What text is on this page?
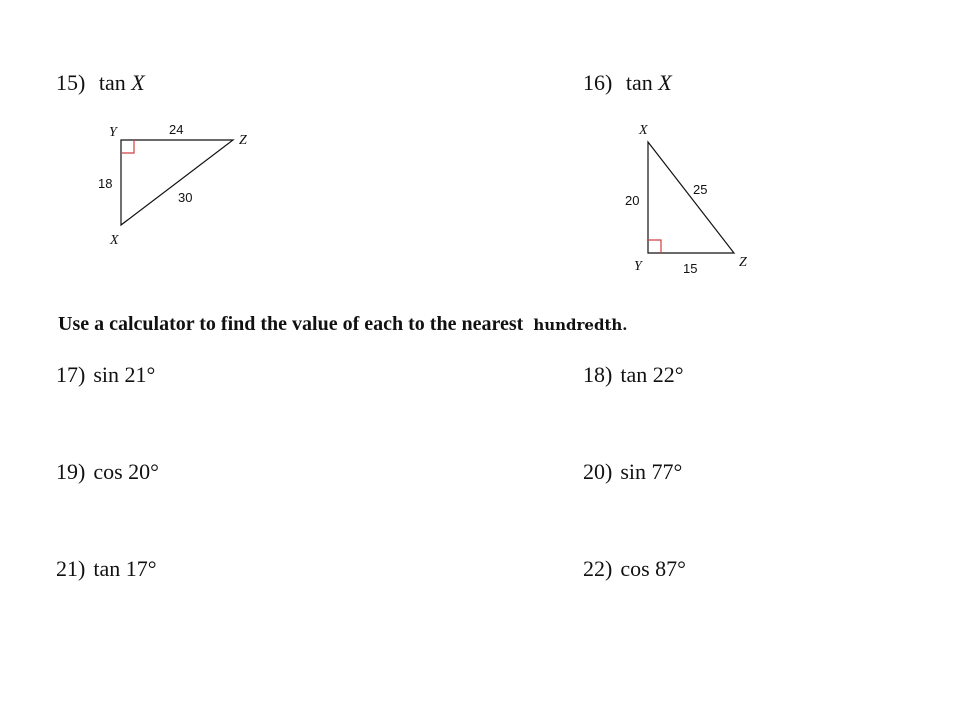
15) tan X	16) tan X
Y
Z
X
24
18
30
X
Y	Z
20
25
15
Use a calculator to find the value of each to the nearest hundredth.
17) sin 21°	18) tan 22°
19) cos 20°	20) sin 77°
21) tan 17°	22) cos 87°
